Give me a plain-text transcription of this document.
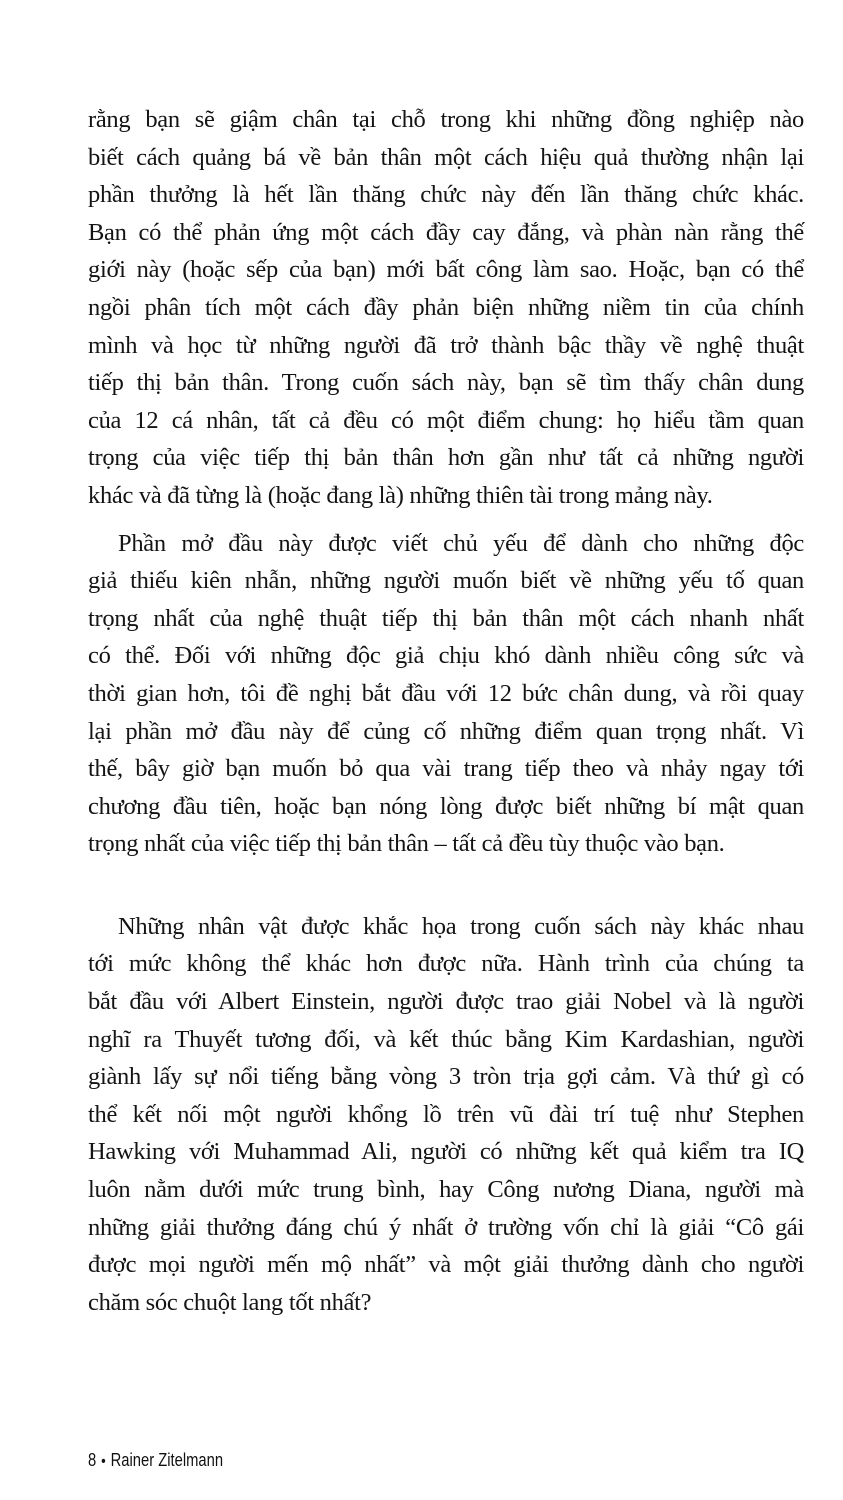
rằng bạn sẽ giậm chân tại chỗ trong khi những đồng nghiệp nào
biết cách quảng bá về bản thân một cách hiệu quả thường nhận lại
phần thưởng là hết lần thăng chức này đến lần thăng chức khác.
Bạn có thể phản ứng một cách đầy cay đắng, và phàn nàn rằng thế
giới này (hoặc sếp của bạn) mới bất công làm sao. Hoặc, bạn có thể
ngồi phân tích một cách đầy phản biện những niềm tin của chính
mình và học từ những người đã trở thành bậc thầy về nghệ thuật
tiếp thị bản thân. Trong cuốn sách này, bạn sẽ tìm thấy chân dung
của 12 cá nhân, tất cả đều có một điểm chung: họ hiểu tầm quan
trọng của việc tiếp thị bản thân hơn gần như tất cả những người
khác và đã từng là (hoặc đang là) những thiên tài trong mảng này.
Phần mở đầu này được viết chủ yếu để dành cho những độc
giả thiếu kiên nhẫn, những người muốn biết về những yếu tố quan
trọng nhất của nghệ thuật tiếp thị bản thân một cách nhanh nhất
có thể. Đối với những độc giả chịu khó dành nhiều công sức và
thời gian hơn, tôi đề nghị bắt đầu với 12 bức chân dung, và rồi quay
lại phần mở đầu này để củng cố những điểm quan trọng nhất. Vì
thế, bây giờ bạn muốn bỏ qua vài trang tiếp theo và nhảy ngay tới
chương đầu tiên, hoặc bạn nóng lòng được biết những bí mật quan
trọng nhất của việc tiếp thị bản thân – tất cả đều tùy thuộc vào bạn.
Những nhân vật được khắc họa trong cuốn sách này khác nhau
tới mức không thể khác hơn được nữa. Hành trình của chúng ta
bắt đầu với Albert Einstein, người được trao giải Nobel và là người
nghĩ ra Thuyết tương đối, và kết thúc bằng Kim Kardashian, người
giành lấy sự nổi tiếng bằng vòng 3 tròn trịa gợi cảm. Và thứ gì có
thể kết nối một người khổng lồ trên vũ đài trí tuệ như Stephen
Hawking với Muhammad Ali, người có những kết quả kiểm tra IQ
luôn nằm dưới mức trung bình, hay Công nương Diana, người mà
những giải thưởng đáng chú ý nhất ở trường vốn chỉ là giải “Cô gái
được mọi người mến mộ nhất” và một giải thưởng dành cho người
chăm sóc chuột lang tốt nhất?
8 • Rainer Zitelmann
